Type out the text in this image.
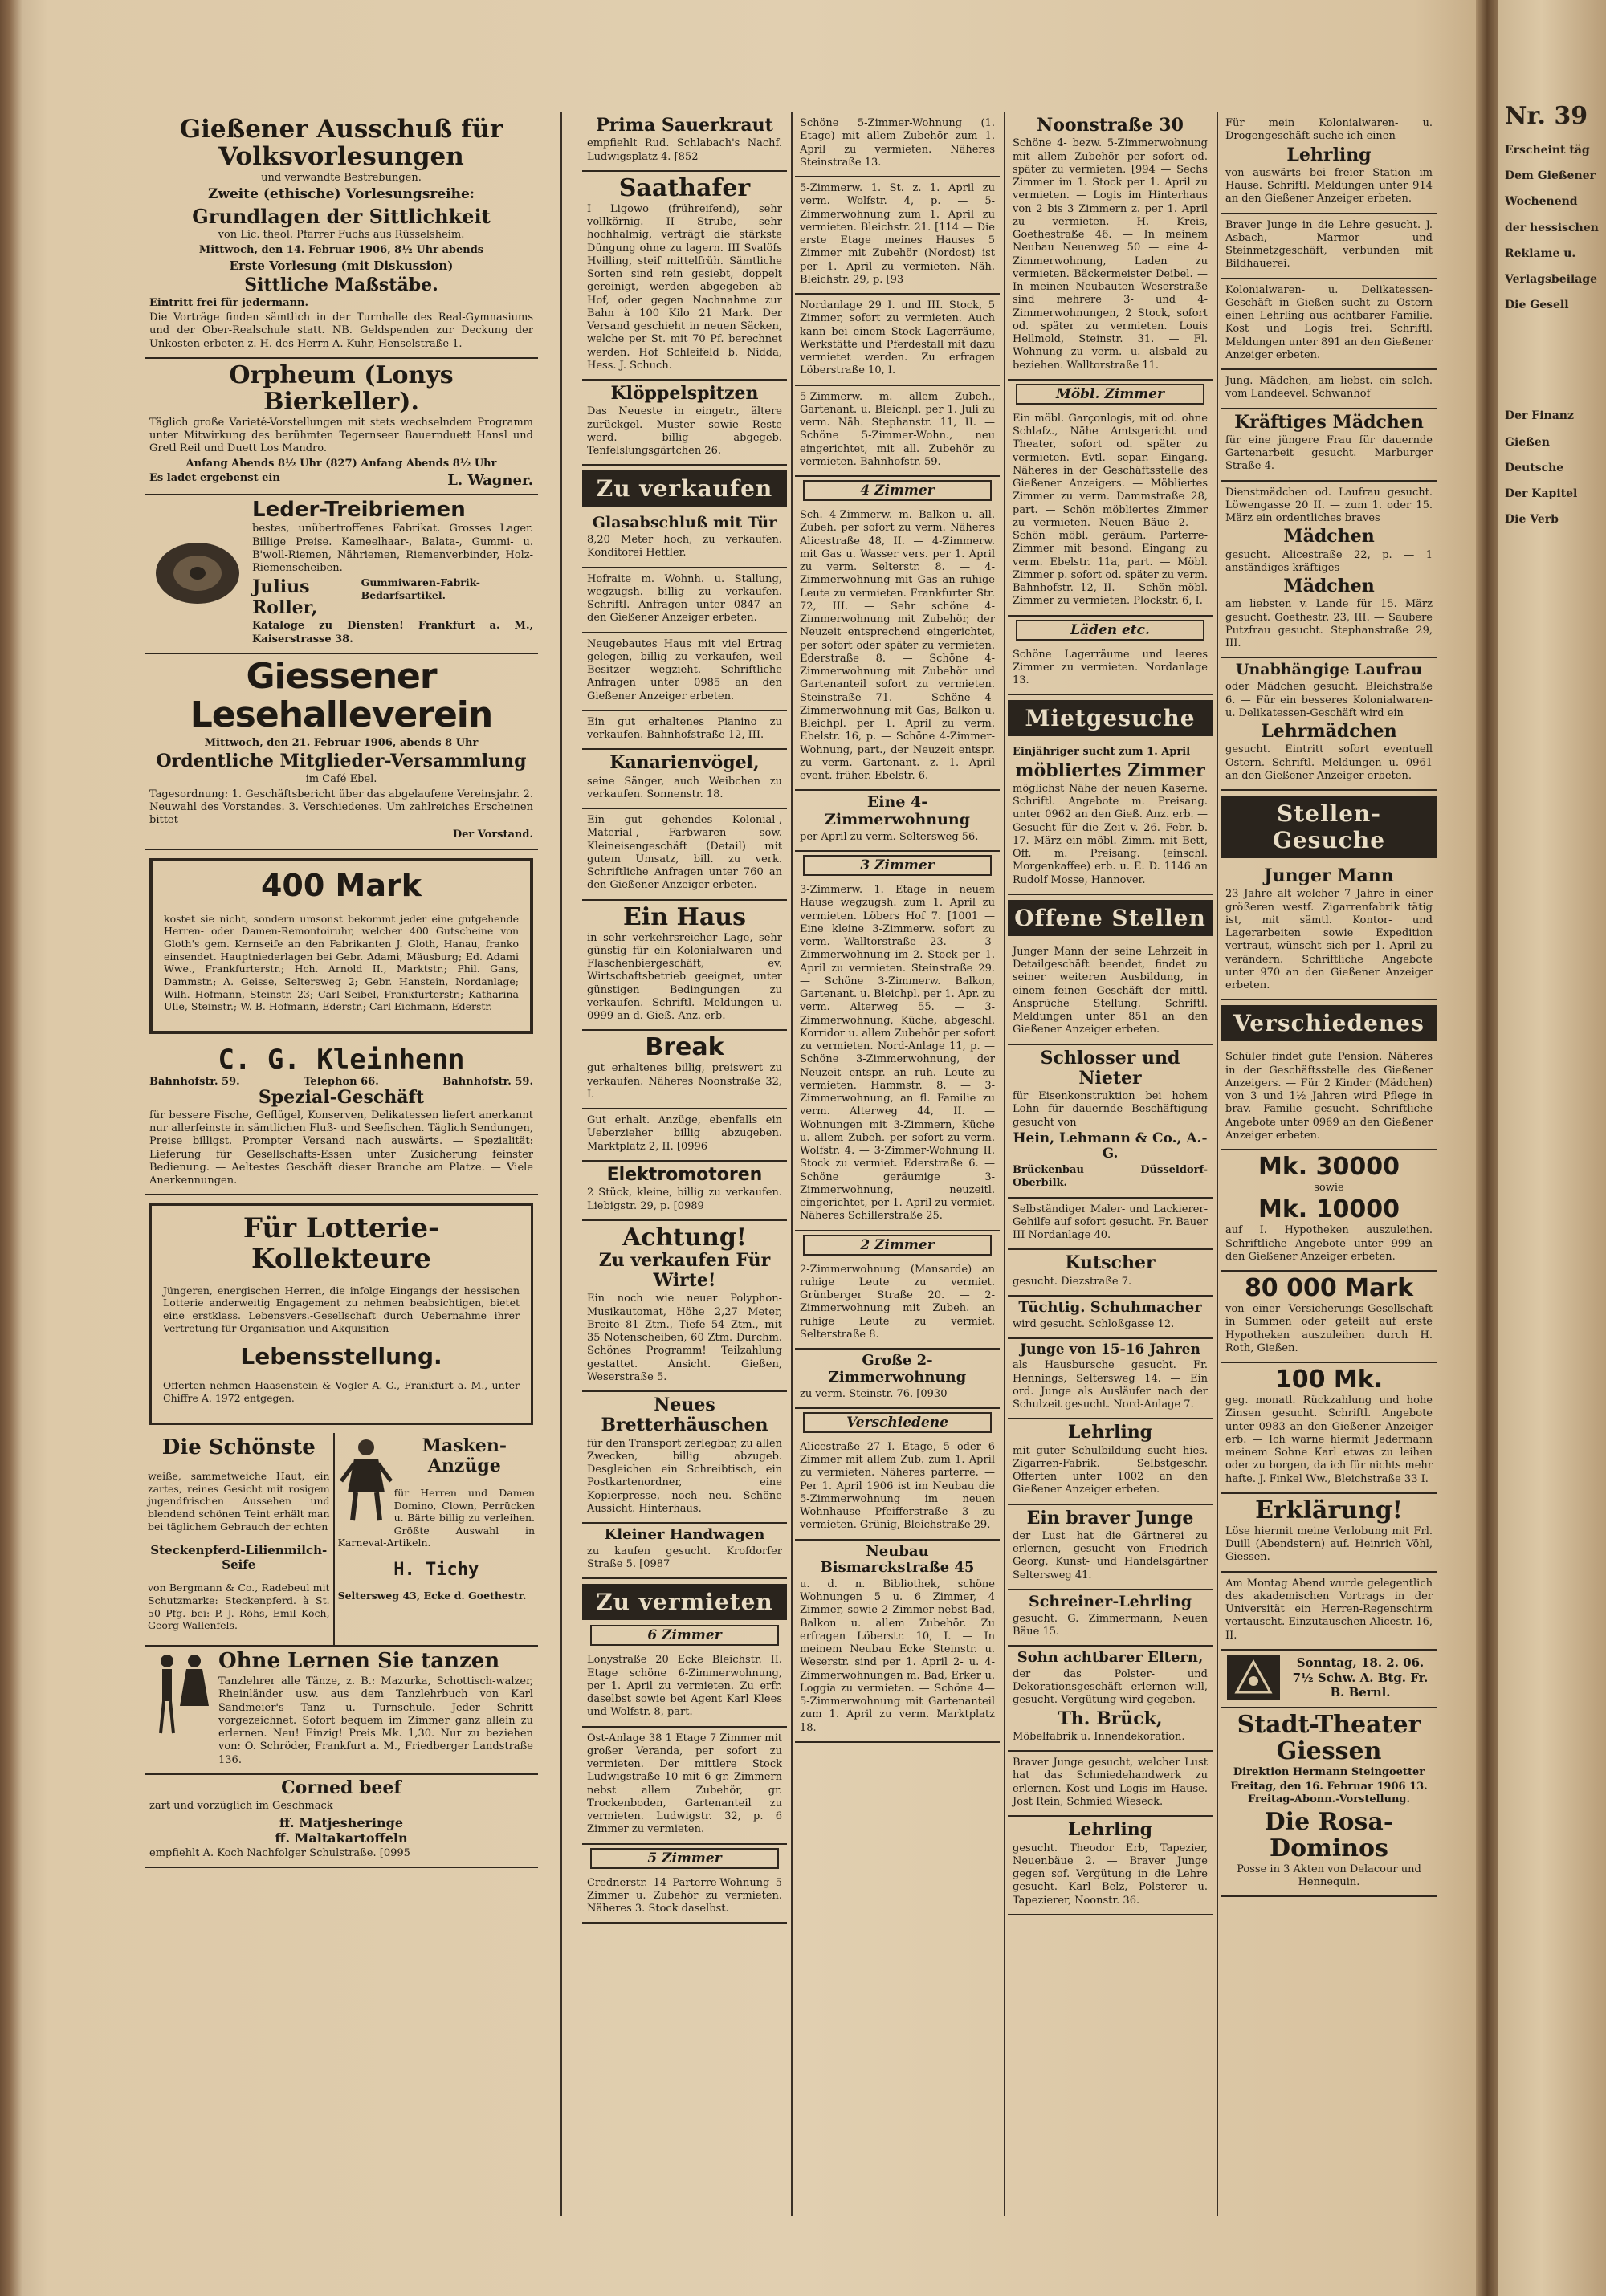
Nr. 39
Erscheint täg
Dem Gießener
Wochenend
der hessischen
Reklame u.
Verlagsbeilage
Die Gesell
Der Finanz
Gießen
Deutsche
Der Kapitel
Die Verb
Gießener Ausschuß für Volksvorlesungen

und verwandte Bestrebungen.

Zweite (ethische) Vorlesungsreihe:

Grundlagen der Sittlichkeit

von Lic. theol. Pfarrer Fuchs aus Rüsselsheim.

Mittwoch, den 14. Februar 1906, 8½ Uhr abends

Erste Vorlesung (mit Diskussion)

Sittliche Maßstäbe.

Eintritt frei für jedermann.

Die Vorträge finden sämtlich in der Turnhalle des Real-Gymnasiums und der Ober-Realschule statt. NB. Geldspenden zur Deckung der Unkosten erbeten z. H. des Herrn A. Kuhr, Henselstraße 1.

Orpheum (Lonys Bierkeller).

Täglich große Varieté-Vorstellungen mit stets wechselndem Programm unter Mitwirkung des berühmten Tegernseer Bauernduett Hansl und Gretl Reil und Duett Los Mandro.

Anfang Abends 8½ Uhr (827) Anfang Abends 8½ Uhr

Es ladet ergebenst ein	L. Wagner.
Leder-Treibriemen

bestes, unübertroffenes Fabrikat. Grosses Lager. Billige Preise. Kameelhaar-, Balata-, Gummi- u. B'woll-Riemen, Nähriemen, Riemenverbinder, Holz-Riemenscheiben.

Julius Roller,
Gummiwaren-Fabrik-Bedarfsartikel.

Kataloge zu Diensten! Frankfurt a. M., Kaiserstrasse 38.

Giessener Lesehalleverein

Mittwoch, den 21. Februar 1906, abends 8 Uhr

Ordentliche Mitglieder-Versammlung

im Café Ebel.

Tagesordnung: 1. Geschäftsbericht über das abgelaufene Vereinsjahr. 2. Neuwahl des Vorstandes. 3. Verschiedenes. Um zahlreiches Erscheinen bittet

Der Vorstand.

400 Mark

kostet sie nicht, sondern umsonst bekommt jeder eine gutgehende Herren- oder Damen-Remontoiruhr, welcher 400 Gutscheine von Gloth's gem. Kernseife an den Fabrikanten J. Gloth, Hanau, franko einsendet. Hauptniederlagen bei Gebr. Adami, Mäusburg; Ed. Adami Wwe., Frankfurterstr.; Hch. Arnold II., Marktstr.; Phil. Gans, Dammstr.; A. Geisse, Seltersweg 2; Gebr. Hanstein, Nordanlage; Wilh. Hofmann, Steinstr. 23; Carl Seibel, Frankfurterstr.; Katharina Ulle, Steinstr.; W. B. Hofmann, Ederstr.; Carl Eichmann, Ederstr.

C. G. Kleinhenn
Bahnhofstr. 59.	Telephon 66.	Bahnhofstr. 59.
Spezial-Geschäft

für bessere Fische, Geflügel, Konserven, Delikatessen liefert anerkannt nur allerfeinste in sämtlichen Fluß- und Seefischen. Täglich Sendungen, Preise billigst. Prompter Versand nach auswärts. — Spezialität: Lieferung für Gesellschafts-Essen unter Zusicherung feinster Bedienung. — Aeltestes Geschäft dieser Branche am Platze. — Viele Anerkennungen.

Für Lotterie-Kollekteure

Jüngeren, energischen Herren, die infolge Eingangs der hessischen Lotterie anderweitig Engagement zu nehmen beabsichtigen, bietet eine erstklass. Lebensvers.-Gesellschaft durch Uebernahme ihrer Vertretung für Organisation und Akquisition

Lebensstellung.

Offerten nehmen Haasenstein & Vogler A.-G., Frankfurt a. M., unter Chiffre A. 1972 entgegen.

Die Schönste

weiße, sammetweiche Haut, ein zartes, reines Gesicht mit rosigem jugendfrischen Aussehen und blendend schönen Teint erhält man bei täglichem Gebrauch der echten

Steckenpferd-Lilienmilch-Seife

von Bergmann & Co., Radebeul mit Schutzmarke: Steckenpferd. à St. 50 Pfg. bei: P. J. Röhs, Emil Koch, Georg Wallenfels.

Masken-Anzüge

für Herren und Damen Domino, Clown, Perrücken u. Bärte billig zu verleihen. Größte Auswahl in Karneval-Artikeln.

H. Tichy

Seltersweg 43, Ecke d. Goethestr.

Ohne Lernen Sie tanzen

Tanzlehrer alle Tänze, z. B.: Mazurka, Schottisch-walzer, Rheinländer usw. aus dem Tanzlehrbuch von Karl Sandmeier's Tanz- u. Turnschule. Jeder Schritt vorgezeichnet. Sofort bequem im Zimmer ganz allein zu erlernen. Neu! Einzig! Preis Mk. 1,30. Nur zu beziehen von: O. Schröder, Frankfurt a. M., Friedberger Landstraße 136.

Corned beef

zart und vorzüglich im Geschmack

ff. Matjesheringe
ff. Maltakartoffeln

empfiehlt A. Koch Nachfolger Schulstraße. [0995

Prima Sauerkraut

empfiehlt Rud. Schlabach's Nachf. Ludwigsplatz 4. [852

Saathafer

I Ligowo (frühreifend), sehr vollkörnig. II Strube, sehr hochhalmig, verträgt die stärkste Düngung ohne zu lagern. III Svalöfs Hvilling, steif mittelfrüh. Sämtliche Sorten sind rein gesiebt, doppelt gereinigt, werden abgegeben ab Hof, oder gegen Nachnahme zur Bahn à 100 Kilo 21 Mark. Der Versand geschieht in neuen Säcken, welche per St. mit 70 Pf. berechnet werden. Hof Schleifeld b. Nidda, Hess. J. Schuch.

Klöppelspitzen

Das Neueste in eingetr., ältere zurückgel. Muster sowie Reste werd. billig abgegeb. Tenfelslungsgärtchen 26.

Zu verkaufen
Glasabschluß mit Tür

8,20 Meter hoch, zu verkaufen. Konditorei Hettler.

Hofraite m. Wohnh. u. Stallung, wegzugsh. billig zu verkaufen. Schriftl. Anfragen unter 0847 an den Gießener Anzeiger erbeten.

Neugebautes Haus mit viel Ertrag gelegen, billig zu verkaufen, weil Besitzer wegzieht. Schriftliche Anfragen unter 0985 an den Gießener Anzeiger erbeten.

Ein gut erhaltenes Pianino zu verkaufen. Bahnhofstraße 12, III.

Kanarienvögel,

seine Sänger, auch Weibchen zu verkaufen. Sonnenstr. 18.

Ein gut gehendes Kolonial-, Material-, Farbwaren- sow. Kleineisengeschäft (Detail) mit gutem Umsatz, bill. zu verk. Schriftliche Anfragen unter 760 an den Gießener Anzeiger erbeten.

Ein Haus

in sehr verkehrsreicher Lage, sehr günstig für ein Kolonialwaren- und Flaschenbiergeschäft, ev. Wirtschaftsbetrieb geeignet, unter günstigen Bedingungen zu verkaufen. Schriftl. Meldungen u. 0999 an d. Gieß. Anz. erb.

Break

gut erhaltenes billig, preiswert zu verkaufen. Näheres Noonstraße 32, I.

Gut erhalt. Anzüge, ebenfalls ein Ueberzieher billig abzugeben. Marktplatz 2, II. [0996

Elektromotoren

2 Stück, kleine, billig zu verkaufen. Liebigstr. 29, p. [0989

Achtung!
Zu verkaufen Für Wirte!

Ein noch wie neuer Polyphon-Musikautomat, Höhe 2,27 Meter, Breite 81 Ztm., Tiefe 54 Ztm., mit 35 Notenscheiben, 60 Ztm. Durchm. Schönes Programm! Teilzahlung gestattet. Ansicht. Gießen, Weserstraße 5.

Neues Bretterhäuschen

für den Transport zerlegbar, zu allen Zwecken, billig abzugeb. Desgleichen ein Schreibtisch, ein Postkartenordner, eine Kopierpresse, noch neu. Schöne Aussicht. Hinterhaus.

Kleiner Handwagen

zu kaufen gesucht. Krofdorfer Straße 5. [0987

Zu vermieten
6 Zimmer

Lonystraße 20 Ecke Bleichstr. II. Etage schöne 6-Zimmerwohnung, per 1. April zu vermieten. Zu erfr. daselbst sowie bei Agent Karl Klees und Wolfstr. 8, part.

Ost-Anlage 38 1 Etage 7 Zimmer mit großer Veranda, per sofort zu vermieten. Der mittlere Stock Ludwigstraße 10 mit 6 gr. Zimmern nebst allem Zubehör, gr. Trockenboden, Gartenanteil zu vermieten. Ludwigstr. 32, p. 6 Zimmer zu vermieten.

5 Zimmer

Crednerstr. 14 Parterre-Wohnung 5 Zimmer u. Zubehör zu vermieten. Näheres 3. Stock daselbst.

Schöne 5-Zimmer-Wohnung (1. Etage) mit allem Zubehör zum 1. April zu vermieten. Näheres Steinstraße 13.

5-Zimmerw. 1. St. z. 1. April zu verm. Wolfstr. 4, p. — 5-Zimmerwohnung zum 1. April zu vermieten. Bleichstr. 21. [114 — Die erste Etage meines Hauses 5 Zimmer mit Zubehör (Nordost) ist per 1. April zu vermieten. Näh. Bleichstr. 29, p. [93

Nordanlage 29 I. und III. Stock, 5 Zimmer, sofort zu vermieten. Auch kann bei einem Stock Lagerräume, Werkstätte und Pferdestall mit dazu vermietet werden. Zu erfragen Löberstraße 10, I.

5-Zimmerw. m. allem Zubeh., Gartenant. u. Bleichpl. per 1. Juli zu verm. Näh. Stephanstr. 11, II. — Schöne 5-Zimmer-Wohn., neu eingerichtet, mit all. Zubehör zu vermieten. Bahnhofstr. 59.

4 Zimmer

Sch. 4-Zimmerw. m. Balkon u. all. Zubeh. per sofort zu verm. Näheres Alicestraße 48, II. — 4-Zimmerw. mit Gas u. Wasser vers. per 1. April zu verm. Selterstr. 8. — 4-Zimmerwohnung mit Gas an ruhige Leute zu vermieten. Frankfurter Str. 72, III. — Sehr schöne 4-Zimmerwohnung mit Zubehör, der Neuzeit entsprechend eingerichtet, per sofort oder später zu vermieten. Ederstraße 8. — Schöne 4-Zimmerwohnung mit Zubehör und Gartenanteil sofort zu vermieten. Steinstraße 71. — Schöne 4-Zimmerwohnung mit Gas, Balkon u. Bleichpl. per 1. April zu verm. Ebelstr. 16, p. — Schöne 4-Zimmer-Wohnung, part., der Neuzeit entspr. zu verm. Gartenant. z. 1. April event. früher. Ebelstr. 6.

Eine 4-Zimmerwohnung

per April zu verm. Seltersweg 56.

3 Zimmer

3-Zimmerw. 1. Etage in neuem Hause wegzugsh. zum 1. April zu vermieten. Löbers Hof 7. [1001 — Eine kleine 3-Zimmerw. sofort zu verm. Walltorstraße 23. — 3-Zimmerwohnung im 2. Stock per 1. April zu vermieten. Steinstraße 29. — Schöne 3-Zimmerw. Balkon, Gartenant. u. Bleichpl. per 1. Apr. zu verm. Alterweg 55. — 3-Zimmerwohnung, Küche, abgeschl. Korridor u. allem Zubehör per sofort zu vermieten. Nord-Anlage 11, p. — Schöne 3-Zimmerwohnung, der Neuzeit entspr. an ruh. Leute zu vermieten. Hammstr. 8. — 3-Zimmerwohnung, an fl. Familie zu verm. Alterweg 44, II. — Wohnungen mit 3-Zimmern, Küche u. allem Zubeh. per sofort zu verm. Wolfstr. 4. — 3-Zimmer-Wohnung II. Stock zu vermiet. Ederstraße 6. — Schöne geräumige 3-Zimmerwohnung, neuzeitl. eingerichtet, per 1. April zu vermiet. Näheres Schillerstraße 25.

2 Zimmer

2-Zimmerwohnung (Mansarde) an ruhige Leute zu vermiet. Grünberger Straße 20. — 2-Zimmerwohnung mit Zubeh. an ruhige Leute zu vermiet. Selterstraße 8.

Große 2-Zimmerwohnung

zu verm. Steinstr. 76. [0930

Verschiedene

Alicestraße 27 I. Etage, 5 oder 6 Zimmer mit allem Zub. zum 1. April zu vermieten. Näheres parterre. — Per 1. April 1906 ist im Neubau die 5-Zimmerwohnung im neuen Wohnhause Pfeifferstraße 3 zu vermieten. Grünig, Bleichstraße 29.

Neubau Bismarckstraße 45

u. d. n. Bibliothek, schöne Wohnungen 5 u. 6 Zimmer, 4 Zimmer, sowie 2 Zimmer nebst Bad, Balkon u. allem Zubehör. Zu erfragen Löberstr. 10, I. — In meinem Neubau Ecke Steinstr. u. Weserstr. sind per 1. April 2- u. 4-Zimmerwohnungen m. Bad, Erker u. Loggia zu vermieten. — Schöne 4—5-Zimmerwohnung mit Gartenanteil zum 1. April zu verm. Marktplatz 18.

Noonstraße 30

Schöne 4- bezw. 5-Zimmerwohnung mit allem Zubehör per sofort od. später zu vermieten. [994 — Sechs Zimmer im 1. Stock per 1. April zu vermieten. — Logis im Hinterhaus von 2 bis 3 Zimmern z. per 1. April zu vermieten. H. Kreis, Goethestraße 46. — In meinem Neubau Neuenweg 50 — eine 4-Zimmerwohnung, Laden zu vermieten. Bäckermeister Deibel. — In meinen Neubauten Weserstraße sind mehrere 3- und 4-Zimmerwohnungen, 2 Stock, sofort od. später zu vermieten. Louis Hellmold, Steinstr. 31. — Fl. Wohnung zu verm. u. alsbald zu beziehen. Walltorstraße 11.

Möbl. Zimmer

Ein möbl. Garçonlogis, mit od. ohne Schlafz., Nähe Amtsgericht und Theater, sofort od. später zu vermieten. Evtl. separ. Eingang. Näheres in der Geschäftsstelle des Gießener Anzeigers. — Möbliertes Zimmer zu verm. Dammstraße 28, part. — Schön möbliertes Zimmer zu vermieten. Neuen Bäue 2. — Schön möbl. geräum. Parterre-Zimmer mit besond. Eingang zu verm. Ebelstr. 11a, part. — Möbl. Zimmer p. sofort od. später zu verm. Bahnhofstr. 12, II. — Schön möbl. Zimmer zu vermieten. Plockstr. 6, I.

Läden etc.

Schöne Lagerräume und leeres Zimmer zu vermieten. Nordanlage 13.

Mietgesuche

Einjähriger sucht zum 1. April

möbliertes Zimmer

möglichst Nähe der neuen Kaserne. Schriftl. Angebote m. Preisang. unter 0962 an den Gieß. Anz. erb. — Gesucht für die Zeit v. 26. Febr. b. 17. März ein möbl. Zimm. mit Bett, Off. m. Preisang. (einschl. Morgenkaffee) erb. u. E. D. 1146 an Rudolf Mosse, Hannover.

Offene Stellen

Junger Mann der seine Lehrzeit in Detailgeschäft beendet, findet zu seiner weiteren Ausbildung, in einem feinen Geschäft der mittl. Ansprüche Stellung. Schriftl. Meldungen unter 851 an den Gießener Anzeiger erbeten.

Schlosser und Nieter

für Eisenkonstruktion bei hohem Lohn für dauernde Beschäftigung gesucht von

Hein, Lehmann & Co., A.-G.

Brückenbau Düsseldorf-Oberbilk.

Selbständiger Maler- und Lackierer-Gehilfe auf sofort gesucht. Fr. Bauer III Nordanlage 40.

Kutscher

gesucht. Diezstraße 7.

Tüchtig. Schuhmacher

wird gesucht. Schloßgasse 12.

Junge von 15-16 Jahren

als Hausbursche gesucht. Fr. Hennings, Seltersweg 14. — Ein ord. Junge als Ausläufer nach der Schulzeit gesucht. Nord-Anlage 7.

Lehrling

mit guter Schulbildung sucht hies. Zigarren-Fabrik. Selbstgeschr. Offerten unter 1002 an den Gießener Anzeiger erbeten.

Ein braver Junge

der Lust hat die Gärtnerei zu erlernen, gesucht von Friedrich Georg, Kunst- und Handelsgärtner Seltersweg 41.

Schreiner-Lehrling

gesucht. G. Zimmermann, Neuen Bäue 15.

Sohn achtbarer Eltern,

der das Polster- und Dekorationsgeschäft erlernen will, gesucht. Vergütung wird gegeben.

Th. Brück,

Möbelfabrik u. Innendekoration.

Braver Junge gesucht, welcher Lust hat das Schmiedehandwerk zu erlernen. Kost und Logis im Hause. Jost Rein, Schmied Wieseck.

Lehrling

gesucht. Theodor Erb, Tapezier, Neuenbäue 2. — Braver Junge gegen sof. Vergütung in die Lehre gesucht. Karl Belz, Polsterer u. Tapezierer, Noonstr. 36.

Für mein Kolonialwaren- u. Drogengeschäft suche ich einen

Lehrling

von auswärts bei freier Station im Hause. Schriftl. Meldungen unter 914 an den Gießener Anzeiger erbeten.

Braver Junge in die Lehre gesucht. J. Asbach, Marmor- und Steinmetzgeschäft, verbunden mit Bildhauerei.

Kolonialwaren- u. Delikatessen-Geschäft in Gießen sucht zu Ostern einen Lehrling aus achtbarer Familie. Kost und Logis frei. Schriftl. Meldungen unter 891 an den Gießener Anzeiger erbeten.

Jung. Mädchen, am liebst. ein solch. vom Landeevel. Schwanhof

Kräftiges Mädchen

für eine jüngere Frau für dauernde Gartenarbeit gesucht. Marburger Straße 4.

Dienstmädchen od. Laufrau gesucht. Löwengasse 20 II. — zum 1. oder 15. März ein ordentliches braves

Mädchen

gesucht. Alicestraße 22, p. — 1 anständiges kräftiges

Mädchen

am liebsten v. Lande für 15. März gesucht. Goethestr. 23, III. — Saubere Putzfrau gesucht. Stephanstraße 29, III.

Unabhängige Laufrau

oder Mädchen gesucht. Bleichstraße 6. — Für ein besseres Kolonialwaren- u. Delikatessen-Geschäft wird ein

Lehrmädchen

gesucht. Eintritt sofort eventuell Ostern. Schriftl. Meldungen u. 0961 an den Gießener Anzeiger erbeten.

Stellen-Gesuche
Junger Mann

23 Jahre alt welcher 7 Jahre in einer größeren westf. Zigarrenfabrik tätig ist, mit sämtl. Kontor- und Lagerarbeiten sowie Expedition vertraut, wünscht sich per 1. April zu verändern. Schriftliche Angebote unter 970 an den Gießener Anzeiger erbeten.

Verschiedenes

Schüler findet gute Pension. Näheres in der Geschäftsstelle des Gießener Anzeigers. — Für 2 Kinder (Mädchen) von 3 und 1½ Jahren wird Pflege in brav. Familie gesucht. Schriftliche Angebote unter 0969 an den Gießener Anzeiger erbeten.

Mk. 30000

sowie

Mk. 10000

auf I. Hypotheken auszuleihen. Schriftliche Angebote unter 999 an den Gießener Anzeiger erbeten.

80 000 Mark

von einer Versicherungs-Gesellschaft in Summen oder geteilt auf erste Hypotheken auszuleihen durch H. Roth, Gießen.

100 Mk.

geg. monatl. Rückzahlung und hohe Zinsen gesucht. Schriftl. Angebote unter 0983 an den Gießener Anzeiger erb. — Ich warne hiermit Jedermann meinem Sohne Karl etwas zu leihen oder zu borgen, da ich für nichts mehr hafte. J. Finkel Ww., Bleichstraße 33 I.

Erklärung!

Löse hiermit meine Verlobung mit Frl. Duill (Abendstern) auf. Heinrich Vöhl, Giessen.

Am Montag Abend wurde gelegentlich des akademischen Vortrags in der Universität ein Herren-Regenschirm vertauscht. Einzutauschen Alicestr. 16, II.

Sonntag, 18. 2. 06. 7½ Schw. A. Btg. Fr. B. Bernl.

Stadt-Theater Giessen

Direktion Hermann Steingoetter

Freitag, den 16. Februar 1906 13. Freitag-Abonn.-Vorstellung.

Die Rosa-Dominos

Posse in 3 Akten von Delacour und Hennequin.
